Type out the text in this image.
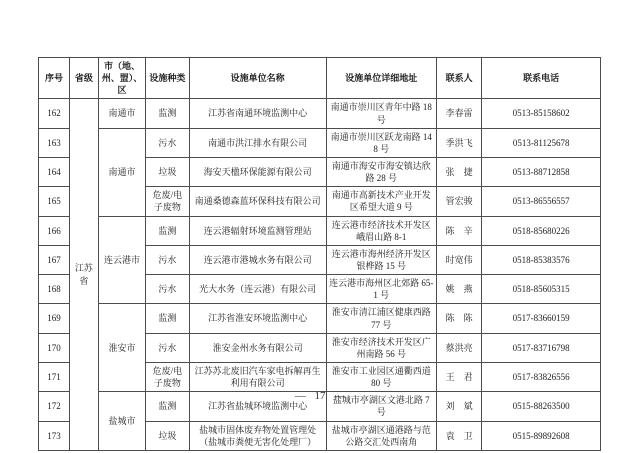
序号	省级	市（地、州、盟）、区	设施种类	设施单位名称	设施单位详细地址	联系人	联系电话
162	江苏省	南通市	监测	江苏省南通环境监测中心	南通市崇川区青年中路 18 号	李春雷	0513-85158602
163		南通市	污水	南通市洪江排水有限公司	南通市崇川区跃龙南路 148 号	季洪飞	0513-81125678
164			垃圾	海安天楹环保能源有限公司	南通市海安市海安镇达欣路 28 号	张　捷	0513-88712858
165			危废/电子废物	南通桑德森蓝环保科技有限公司	南通市高新技术产业开发区希望大道 9 号	管宏骏	0513-86556557
166		连云港市	监测	连云港辐射环境监测管理站	连云港市经济技术开发区峨眉山路 8-1	陈　辛	0518-85680226
167			污水	连云港市港城水务有限公司	连云港市海州经济开发区银桦路 15 号	时宽伟	0518-85383576
168			污水	光大水务（连云港）有限公司	连云港市海州区北郊路 65-1 号	姚　燕	0518-85605315
169		淮安市	监测	江苏省淮安环境监测中心	淮安市清江浦区健康西路 77 号	陈　陈	0517-83660159
170			污水	淮安金州水务有限公司	淮安市经济技术开发区广州南路 56 号	蔡洪亮	0517-83716798
171			危废/电子废物	江苏苏北废旧汽车家电拆解再生利用有限公司	淮安市工业园区通衢西道 80 号	王　君	0517-83826556
172		盐城市	监测	江苏省盐城环境监测中心	盐城市亭湖区文港北路 7 号	刘　斌	0515-88263500
173			垃圾	盐城市固体废弃物处置管理处（盐城市粪便无害化处理厂）	盐城市亭湖区通港路与范公路交汇处西南角	袁　卫	0515-89892608
— 17 —
